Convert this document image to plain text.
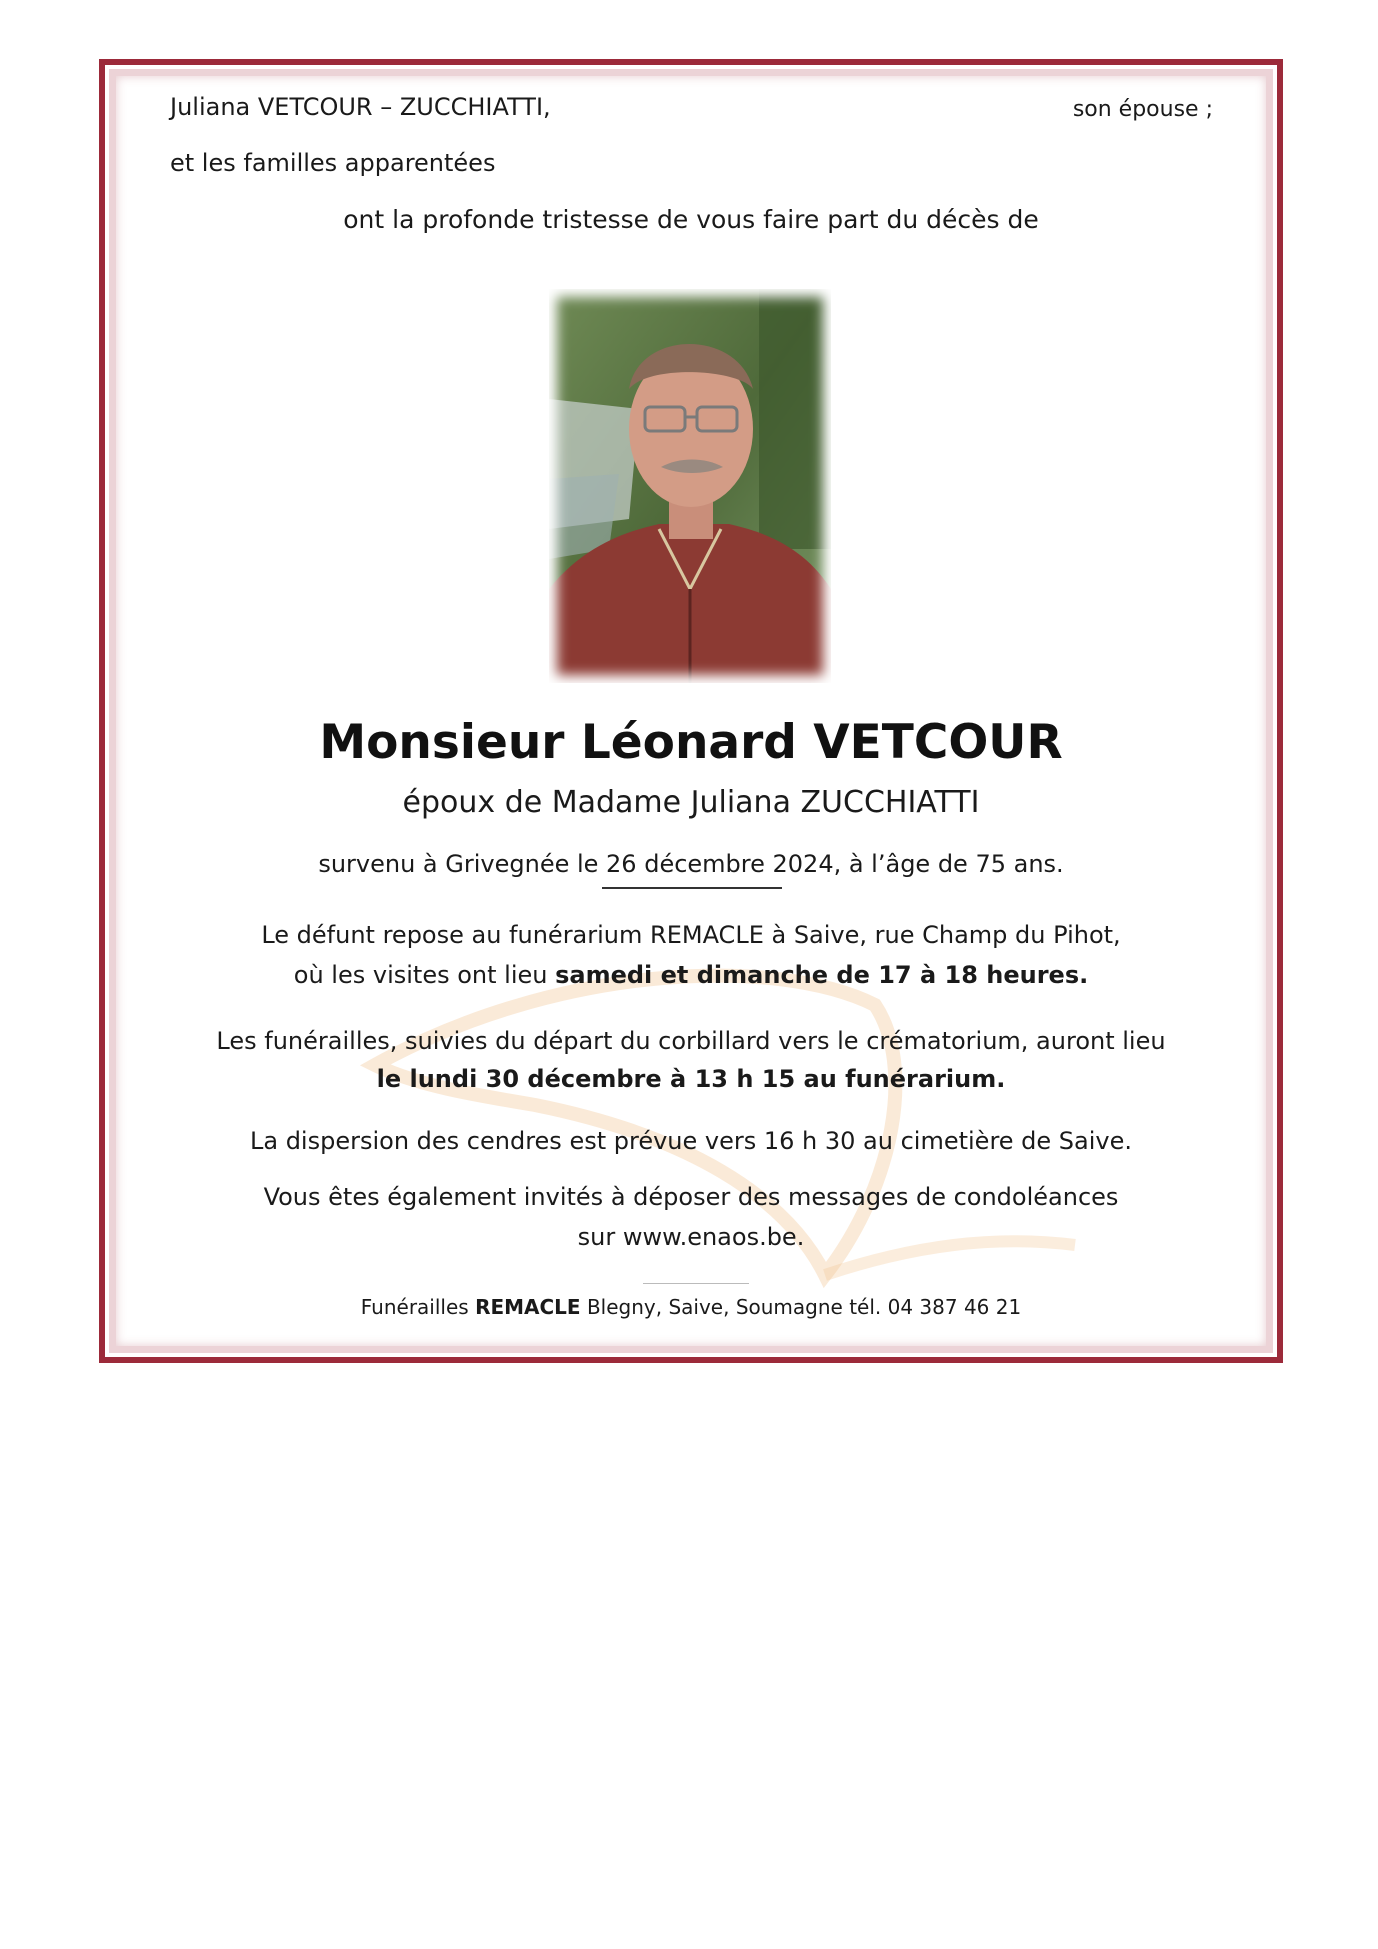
Juliana VETCOUR – ZUCCHIATTI,	son épouse ;
et les familles apparentées
ont la profonde tristesse de vous faire part du décès de
Monsieur Léonard VETCOUR
époux de Madame Juliana ZUCCHIATTI
survenu à Grivegnée le 26 décembre 2024, à l’âge de 75 ans.
Le défunt repose au funérarium REMACLE à Saive, rue Champ du Pihot,
où les visites ont lieu samedi et dimanche de 17 à 18 heures.
Les funérailles, suivies du départ du corbillard vers le crématorium, auront lieu
le lundi 30 décembre à 13 h 15 au funérarium.
La dispersion des cendres est prévue vers 16 h 30 au cimetière de Saive.
Vous êtes également invités à déposer des messages de condoléances
sur www.enaos.be.
Funérailles REMACLE Blegny, Saive, Soumagne tél. 04 387 46 21
